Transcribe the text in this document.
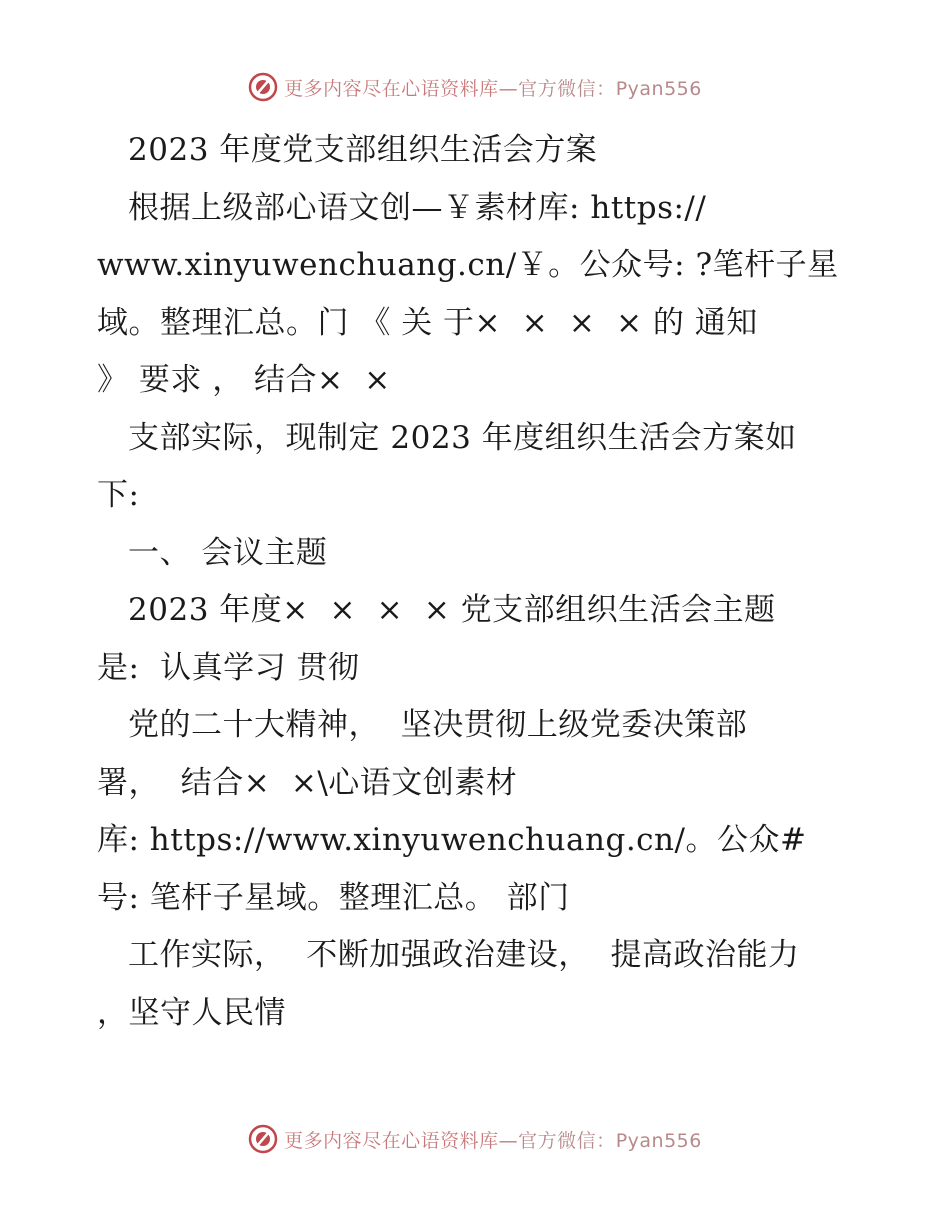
更多内容尽在心语资料库—官方微信：Pyan556
2023 年度党支部组织生活会方案
根据上级部心语文创—￥素材库: https://
www.xinyuwenchuang.cn/￥。公众号: ?笔杆子星
域。整理汇总。门 《 关 于×  ×  ×  × 的 通知
》 要求 ， 结合×  ×
支部实际，现制定 2023 年度组织生活会方案如
下:
一、 会议主题
2023 年度×  ×  ×  × 党支部组织生活会主题
是:  认真学习 贯彻
党的二十大精神，  坚决贯彻上级党委决策部
署，  结合×  ×\心语文创素材
库: https://www.xinyuwenchuang.cn/。公众#
号: 笔杆子星域。整理汇总。 部门
工作实际，  不断加强政治建设，  提高政治能力
，坚守人民情
更多内容尽在心语资料库—官方微信：Pyan556
